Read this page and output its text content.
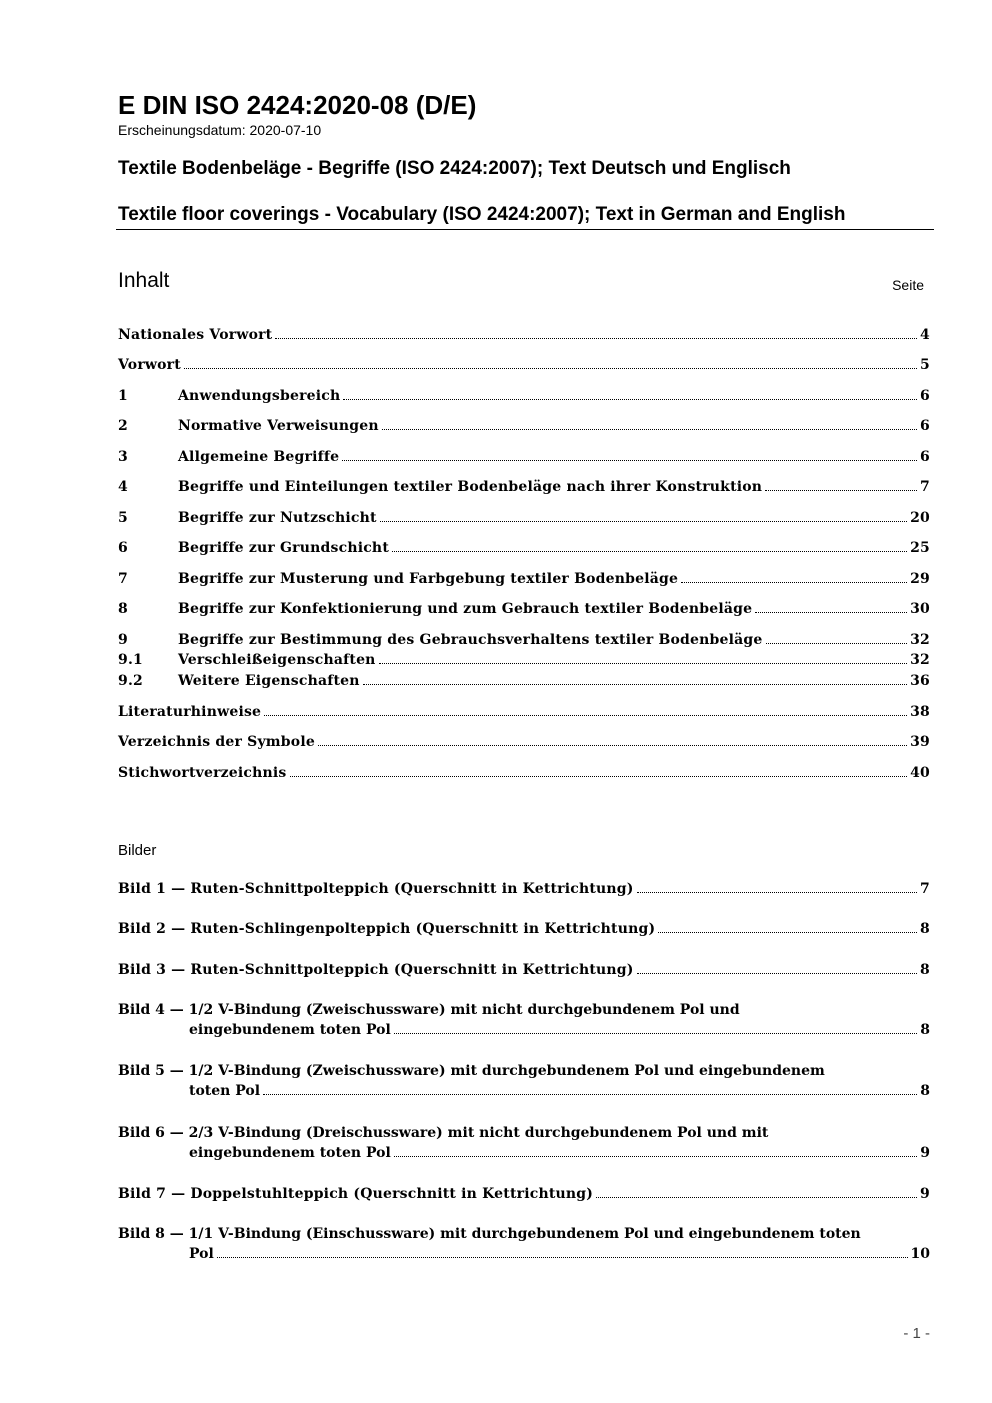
E DIN ISO 2424:2020-08 (D/E)
Erscheinungsdatum: 2020-07-10
Textile Bodenbeläge - Begriffe (ISO 2424:2007); Text Deutsch und Englisch
Textile floor coverings - Vocabulary (ISO 2424:2007); Text in German and English
Inhalt	Seite
Nationales Vorwort	4
Vorwort	5
1	Anwendungsbereich	6
2	Normative Verweisungen	6
3	Allgemeine Begriffe	6
4	Begriffe und Einteilungen textiler Bodenbeläge nach ihrer Konstruktion	7
5	Begriffe zur Nutzschicht	20
6	Begriffe zur Grundschicht	25
7	Begriffe zur Musterung und Farbgebung textiler Bodenbeläge	29
8	Begriffe zur Konfektionierung und zum Gebrauch textiler Bodenbeläge	30
9	Begriffe zur Bestimmung des Gebrauchsverhaltens textiler Bodenbeläge	32
9.1	Verschleißeigenschaften	32
9.2	Weitere Eigenschaften	36
Literaturhinweise	38
Verzeichnis der Symbole	39
Stichwortverzeichnis	40
Bilder
Bild 1 — Ruten-Schnittpolteppich (Querschnitt in Kettrichtung)	7
Bild 2 — Ruten-Schlingenpolteppich (Querschnitt in Kettrichtung)	8
Bild 3 — Ruten-Schnittpolteppich (Querschnitt in Kettrichtung)	8
Bild 4 — 1/2 V-Bindung (Zweischussware) mit nicht durchgebundenem Pol und
eingebundenem toten Pol	8
Bild 5 — 1/2 V-Bindung (Zweischussware) mit durchgebundenem Pol und eingebundenem
toten Pol	8
Bild 6 — 2/3 V-Bindung (Dreischussware) mit nicht durchgebundenem Pol und mit
eingebundenem toten Pol	9
Bild 7 — Doppelstuhlteppich (Querschnitt in Kettrichtung)	9
Bild 8 — 1/1 V-Bindung (Einschussware) mit durchgebundenem Pol und eingebundenem toten
Pol	10
- 1 -
